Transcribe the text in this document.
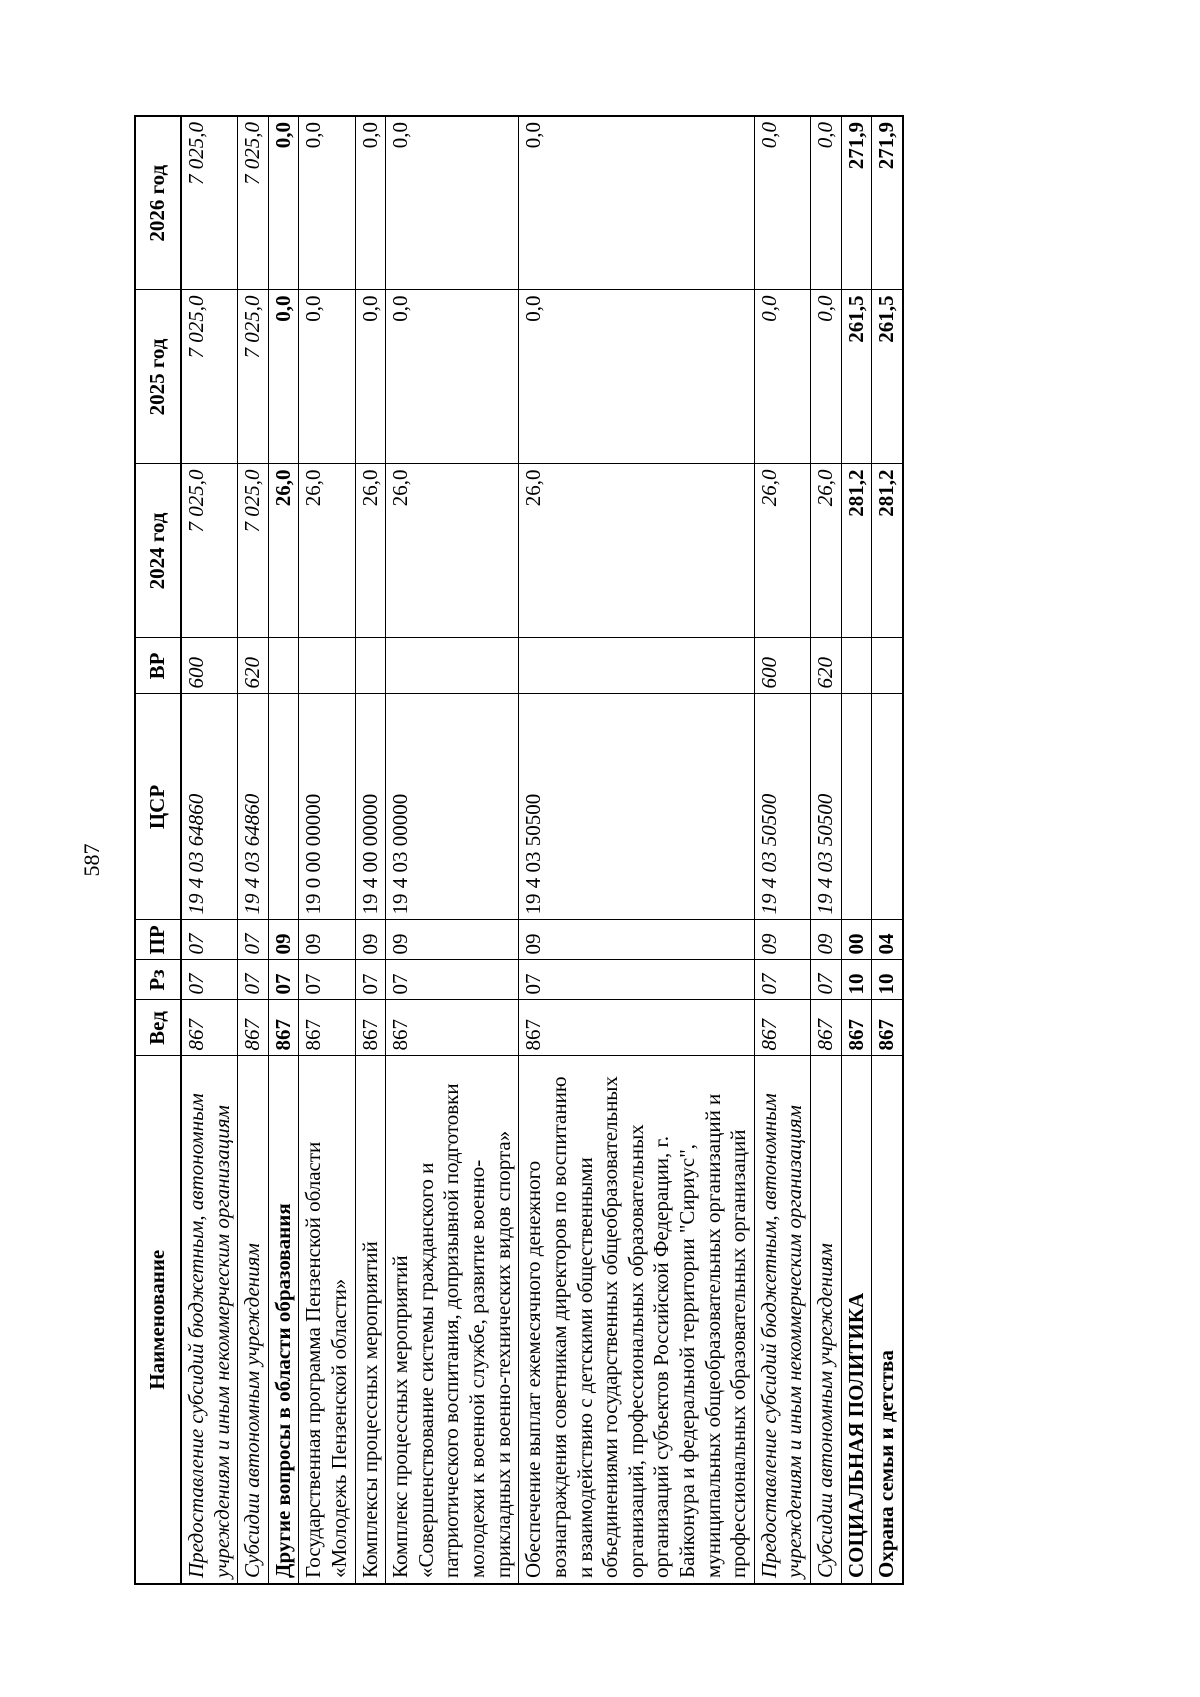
587
Наименование	Вед	Рз	ПР	ЦСР	ВР	2024 год	2025 год	2026 год
Предоставление субсидий бюджетным, автономным учреждениям и иным некоммерческим организациям	867	07	07	19 4 03 64860	600	7 025,0	7 025,0	7 025,0
Субсидии автономным учреждениям	867	07	07	19 4 03 64860	620	7 025,0	7 025,0	7 025,0
Другие вопросы в области образования	867	07	09			26,0	0,0	0,0
Государственная программа Пензенской области «Молодежь Пензенской области»	867	07	09	19 0 00 00000		26,0	0,0	0,0
Комплексы процессных мероприятий	867	07	09	19 4 00 00000		26,0	0,0	0,0
Комплекс процессных мероприятий «Совершенствование системы гражданского и патриотического воспитания, допризывной подготовки молодежи к военной службе, развитие военно-прикладных и военно-технических видов спорта»	867	07	09	19 4 03 00000		26,0	0,0	0,0
Обеспечение выплат ежемесячного денежного вознаграждения советникам директоров по воспитанию и взаимодействию с детскими общественными объединениями государственных общеобразовательных организаций, профессиональных образовательных организаций субъектов Российской Федерации, г. Байконура и федеральной территории "Сириус", муниципальных общеобразовательных организаций и профессиональных образовательных организаций	867	07	09	19 4 03 50500		26,0	0,0	0,0
Предоставление субсидий бюджетным, автономным учреждениям и иным некоммерческим организациям	867	07	09	19 4 03 50500	600	26,0	0,0	0,0
Субсидии автономным учреждениям	867	07	09	19 4 03 50500	620	26,0	0,0	0,0
СОЦИАЛЬНАЯ ПОЛИТИКА	867	10	00			281,2	261,5	271,9
Охрана семьи и детства	867	10	04			281,2	261,5	271,9
